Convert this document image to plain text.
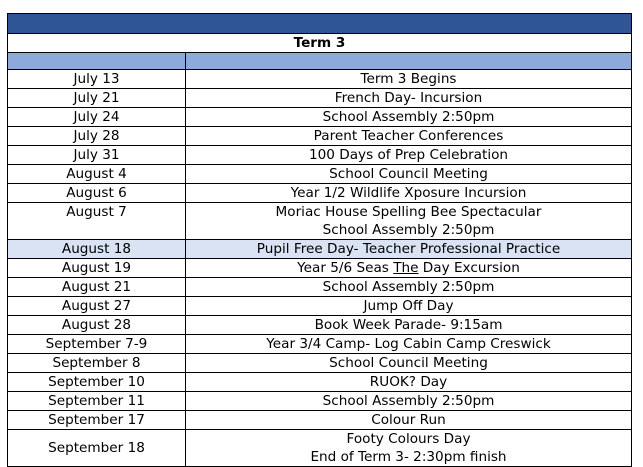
Term 3	

July 13	Term 3 Begins
July 21	French Day- Incursion
July 24	School Assembly 2:50pm
July 28	Parent Teacher Conferences
July 31	100 Days of Prep Celebration
August 4	School Council Meeting
August 6	Year 1/2 Wildlife Xposure Incursion
August 7	Moriac House Spelling Bee Spectacular
School Assembly 2:50pm

August 18	Pupil Free Day- Teacher Professional Practice
August 19	Year 5/6 Seas The Day Excursion
August 21	School Assembly 2:50pm
August 27	Jump Off Day
August 28	Book Week Parade- 9:15am
September 7-9	Year 3/4 Camp- Log Cabin Camp Creswick
September 8	School Council Meeting
September 10	RUOK? Day
September 11	School Assembly 2:50pm
September 17	Colour Run
September 18	Footy Colours Day
End of Term 3- 2:30pm finish
